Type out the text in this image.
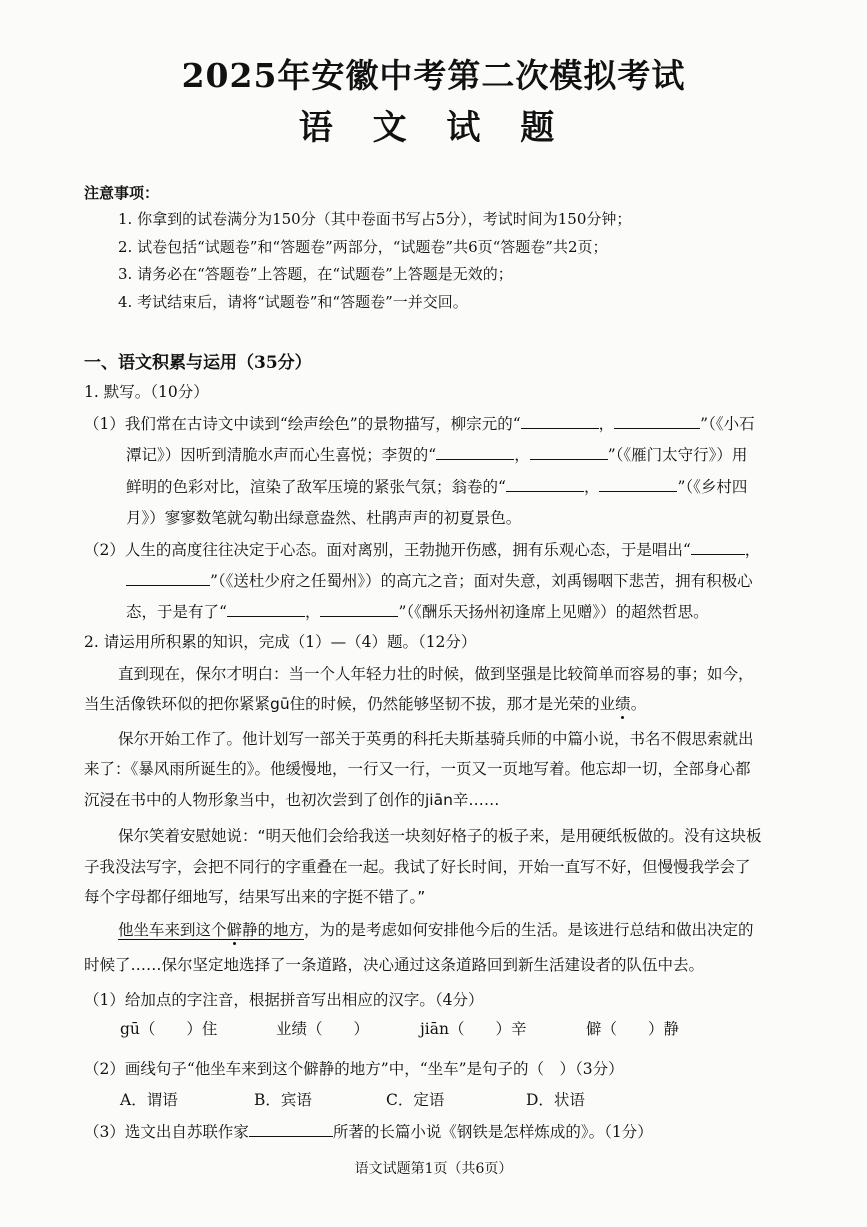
2025年安徽中考第二次模拟考试
语 文 试 题
注意事项：
1. 你拿到的试卷满分为150分（其中卷面书写占5分），考试时间为150分钟；
2. 试卷包括“试题卷”和“答题卷”两部分，“试题卷”共6页“答题卷”共2页；
3. 请务必在“答题卷”上答题，在“试题卷”上答题是无效的；
4. 考试结束后，请将“试题卷”和“答题卷”一并交回。
一、语文积累与运用（35分）
1. 默写。（10分）
（1）我们常在古诗文中读到“绘声绘色”的景物描写，柳宗元的“	，	”（《小石
潭记》）因听到清脆水声而心生喜悦；李贺的“	，	”（《雁门太守行》）用
鲜明的色彩对比，渲染了敌军压境的紧张气氛；翁卷的“	，	”（《乡村四
月》）寥寥数笔就勾勒出绿意盎然、杜鹃声声的初夏景色。
（2）人生的高度往往决定于心态。面对离别，王勃抛开伤感，拥有乐观心态，于是唱出“	，
”（《送杜少府之任蜀州》）的高亢之音；面对失意，刘禹锡咽下悲苦，拥有积极心
态，于是有了“	，	”（《酬乐天扬州初逢席上见赠》）的超然哲思。
2. 请运用所积累的知识，完成（1）—（4）题。（12分）
直到现在，保尔才明白：当一个人年轻力壮的时候，做到坚强是比较简单而容易的事；如今，
当生活像铁环似的把你紧紧gū住的时候，仍然能够坚韧不拔，那才是光荣的业绩。
保尔开始工作了。他计划写一部关于英勇的科托夫斯基骑兵师的中篇小说，书名不假思索就出
来了：《暴风雨所诞生的》。他缓慢地，一行又一行，一页又一页地写着。他忘却一切，全部身心都
沉浸在书中的人物形象当中，也初次尝到了创作的jiān辛……
保尔笑着安慰她说：“明天他们会给我送一块刻好格子的板子来，是用硬纸板做的。没有这块板
子我没法写字，会把不同行的字重叠在一起。我试了好长时间，开始一直写不好，但慢慢我学会了
每个字母都仔细地写，结果写出来的字挺不错了。”
他坐车来到这个僻静的地方，为的是考虑如何安排他今后的生活。是该进行总结和做出决定的
时候了……保尔坚定地选择了一条道路，决心通过这条道路回到新生活建设者的队伍中去。
（1）给加点的字注音，根据拼音写出相应的汉字。（4分）
gū（　　）住	业绩（　　）	jiān（　　）辛	僻（　　）静
（2）画线句子“他坐车来到这个僻静的地方”中，“坐车”是句子的（　）（3分）
A．谓语	B．宾语	C．定语	D．状语
（3）选文出自苏联作家	所著的长篇小说《钢铁是怎样炼成的》。（1分）
语文试题第1页（共6页）
